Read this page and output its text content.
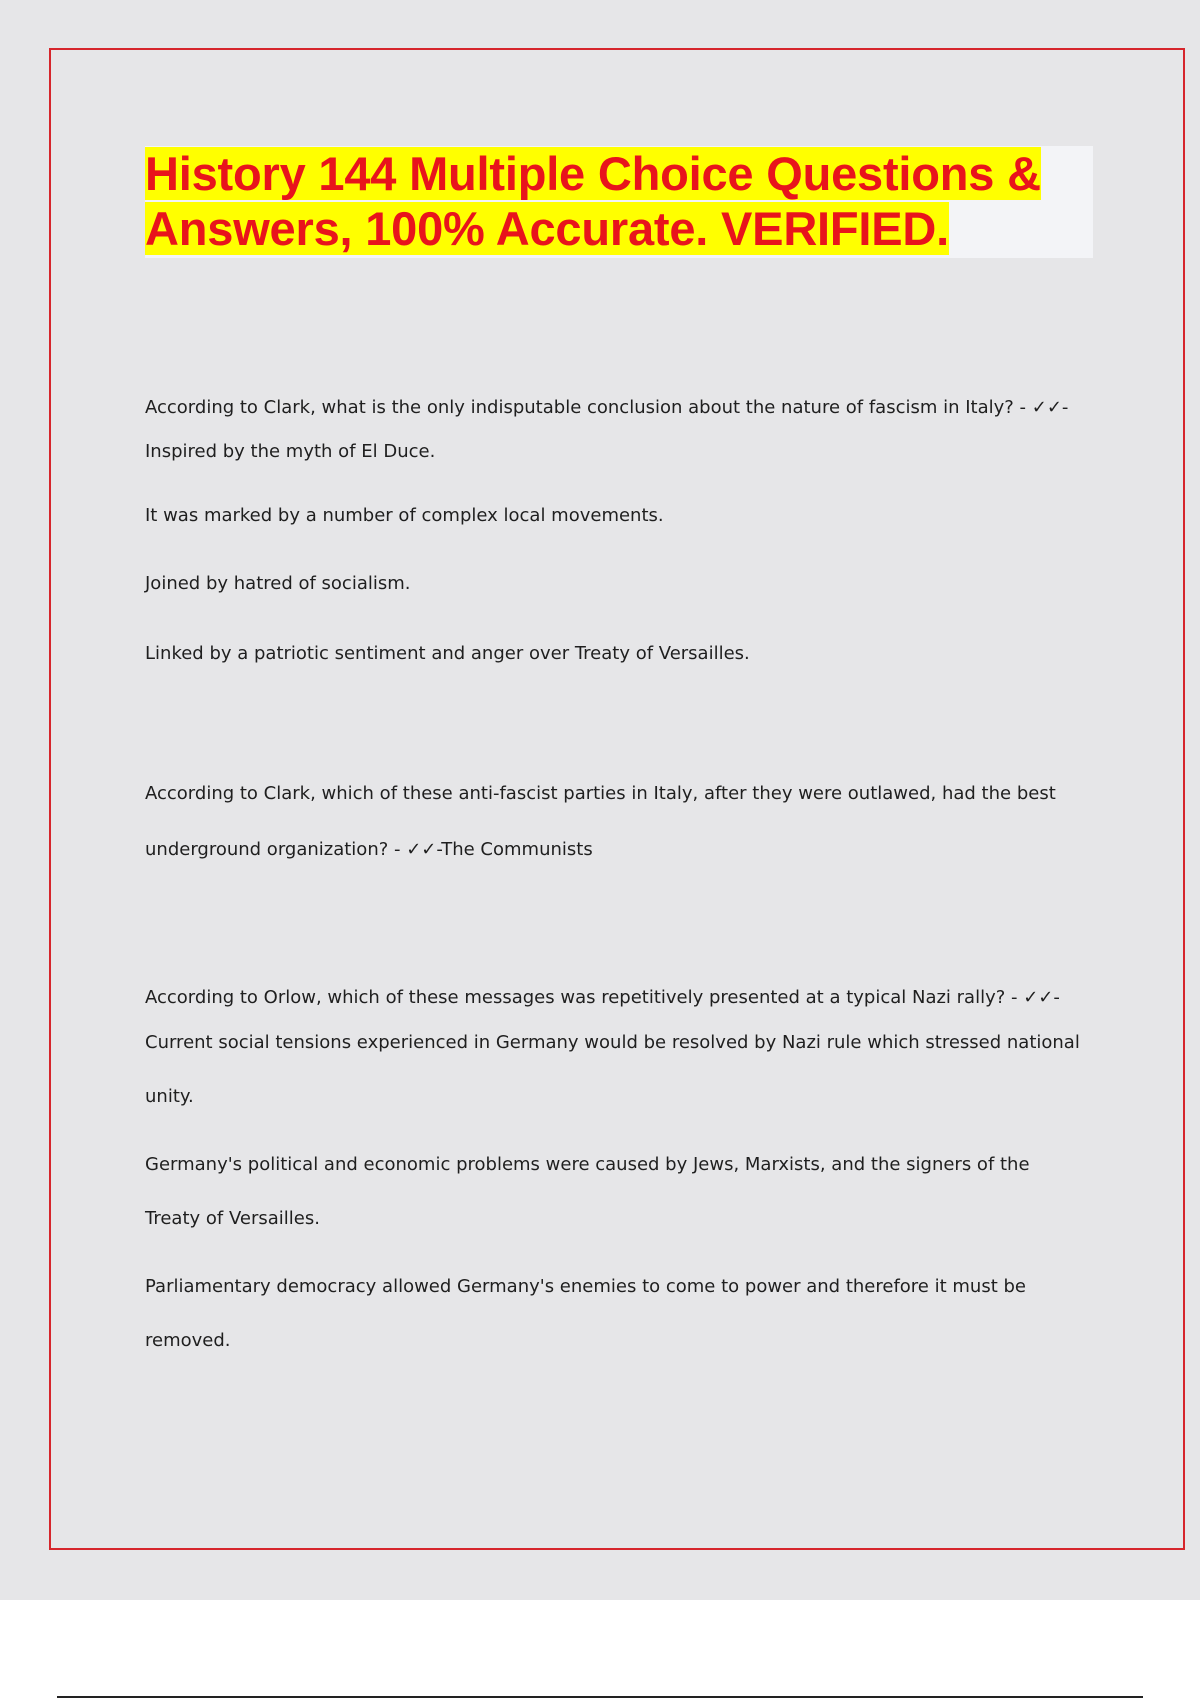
History 144 Multiple Choice Questions & Answers, 100% Accurate. VERIFIED.

According to Clark, what is the only indisputable conclusion about the nature of fascism in Italy? - ✓✓-

Inspired by the myth of El Duce.

It was marked by a number of complex local movements.

Joined by hatred of socialism.

Linked by a patriotic sentiment and anger over Treaty of Versailles.

According to Clark, which of these anti-fascist parties in Italy, after they were outlawed, had the best

underground organization? - ✓✓-The Communists

According to Orlow, which of these messages was repetitively presented at a typical Nazi rally? - ✓✓-

Current social tensions experienced in Germany would be resolved by Nazi rule which stressed national unity.

Germany's political and economic problems were caused by Jews, Marxists, and the signers of the Treaty of Versailles.

Parliamentary democracy allowed Germany's enemies to come to power and therefore it must be removed.
